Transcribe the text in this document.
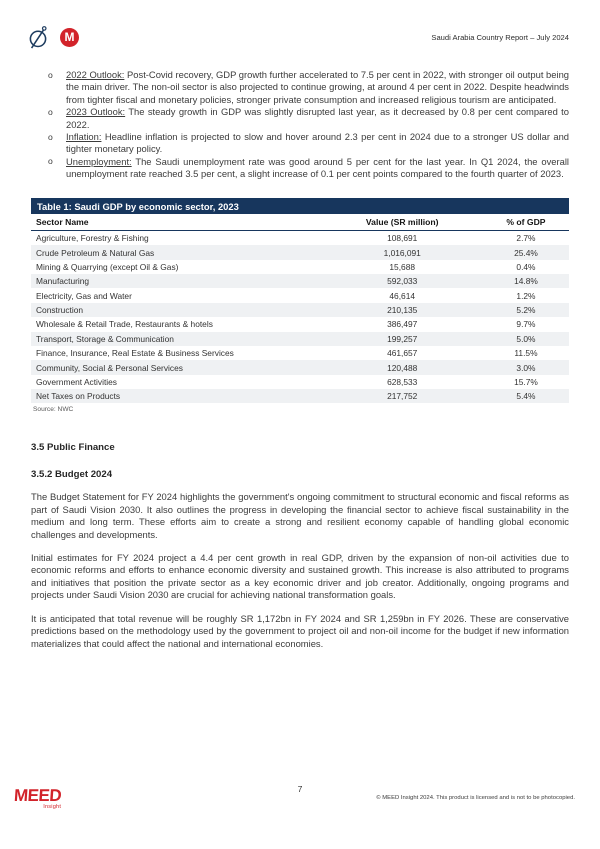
M	Saudi Arabia Country Report – July 2024
o 2022 Outlook: Post-Covid recovery, GDP growth further accelerated to 7.5 per cent in 2022, with stronger oil output being the main driver. The non-oil sector is also projected to continue growing, at around 4 per cent in 2022. Despite headwinds from tighter fiscal and monetary policies, stronger private consumption and increased religious tourism are anticipated.
o 2023 Outlook: The steady growth in GDP was slightly disrupted last year, as it decreased by 0.8 per cent compared to 2022.
o Inflation: Headline inflation is projected to slow and hover around 2.3 per cent in 2024 due to a stronger US dollar and tighter monetary policy.
o Unemployment: The Saudi unemployment rate was good around 5 per cent for the last year. In Q1 2024, the overall unemployment rate reached 3.5 per cent, a slight increase of 0.1 per cent points compared to the fourth quarter of 2023.
Table 1: Saudi GDP by economic sector, 2023
Sector Name	Value (SR million)	% of GDP
Agriculture, Forestry & Fishing	108,691	2.7%
Crude Petroleum & Natural Gas	1,016,091	25.4%
Mining & Quarrying (except Oil & Gas)	15,688	0.4%
Manufacturing	592,033	14.8%
Electricity, Gas and Water	46,614	1.2%
Construction	210,135	5.2%
Wholesale & Retail Trade, Restaurants & hotels	386,497	9.7%
Transport, Storage & Communication	199,257	5.0%
Finance, Insurance, Real Estate & Business Services	461,657	11.5%
Community, Social & Personal Services	120,488	3.0%
Government Activities	628,533	15.7%
Net Taxes on Products	217,752	5.4%
Source: NWC
3.5 Public Finance
3.5.2 Budget 2024

The Budget Statement for FY 2024 highlights the government's ongoing commitment to structural economic and fiscal reforms as part of Saudi Vision 2030. It also outlines the progress in developing the financial sector to achieve fiscal sustainability in the medium and long term. These efforts aim to create a strong and resilient economy capable of handling global economic challenges and developments.

Initial estimates for FY 2024 project a 4.4 per cent growth in real GDP, driven by the expansion of non-oil activities due to economic reforms and efforts to enhance economic diversity and sustained growth. This increase is also attributed to programs and initiatives that position the private sector as a key economic driver and job creator. Additionally, ongoing programs and projects under Saudi Vision 2030 are crucial for achieving national transformation goals.

It is anticipated that total revenue will be roughly SR 1,172bn in FY 2024 and SR 1,259bn in FY 2026. These are conservative predictions based on the methodology used by the government to project oil and non-oil income for the budget if new information materializes that could affect the national and international economies.

MEED
Insight
7
© MEED Insight 2024. This product is licensed and is not to be photocopied.
